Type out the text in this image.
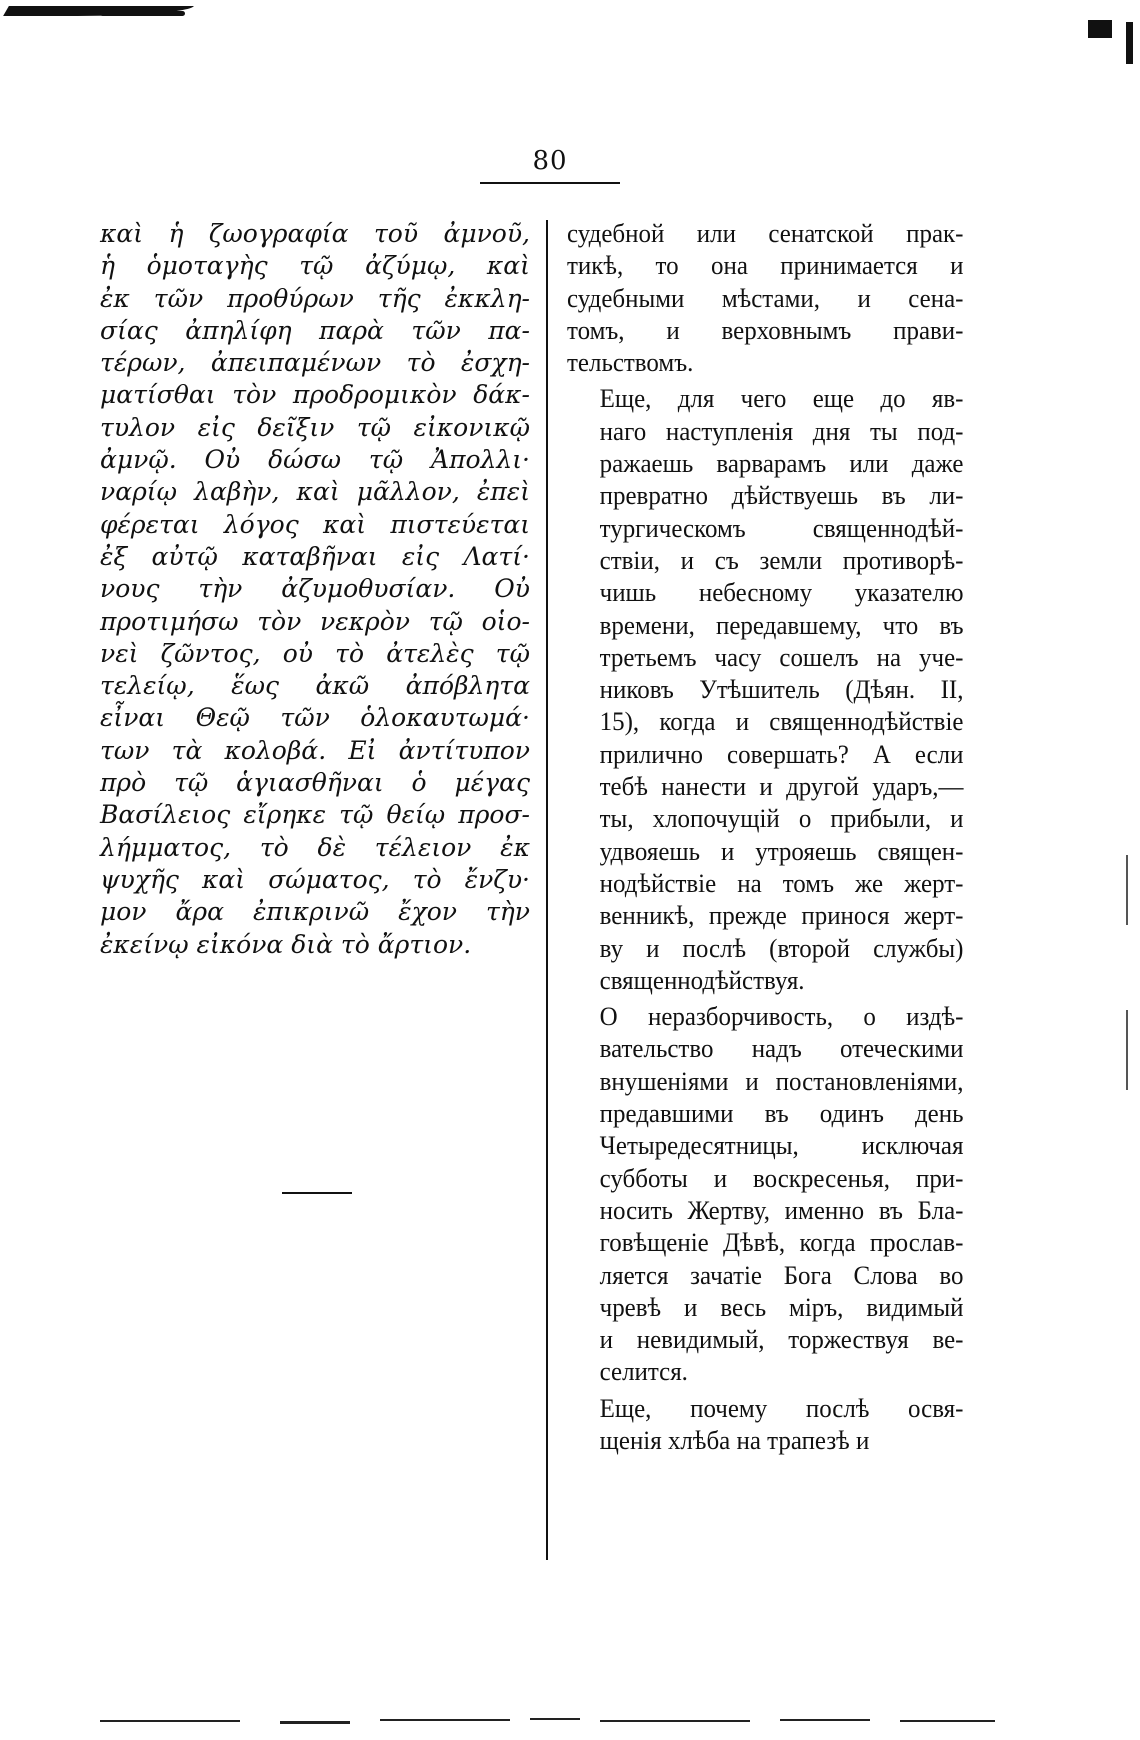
80

καὶ ἡ ζωογραφία τοῦ ἀμνοῦ,
ἡ ὁμοταγὴς τῷ ἀζύμῳ, καὶ
ἐκ τῶν προθύρων τῆς ἐκκλη-
σίας ἀπηλίφη παρὰ τῶν πα-
τέρων, ἀπειπαμένων τὸ ἐσχη-
ματίσθαι τὸν προδρομικὸν δάκ-
τυλον εἰς δεῖξιν τῷ εἰκονικῷ
ἀμνῷ. Οὐ δώσω τῷ Ἀπολλι·
ναρίῳ λαβὴν, καὶ μᾶλλον, ἐπεὶ
φέρεται λόγος καὶ πιστεύεται
ἐξ αὐτῷ καταβῆναι εἰς Λατί·
νους τὴν ἀζυμοθυσίαν. Οὐ
προτιμήσω τὸν νεκρὸν τῷ οἱο-
νεὶ ζῶντος, οὐ τὸ ἀτελὲς τῷ
τελείῳ, ἕως ἀκῶ ἀπόβλητα
εἶναι Θεῷ τῶν ὁλοκαυτωμά·
των τὰ κολοβά. Εἰ ἀντίτυπον
πρὸ τῷ ἁγιασθῆναι ὁ μέγας
Βασίλειος εἴρηκε τῷ θείῳ προσ-
λήμματος, τὸ δὲ τέλειον ἐκ
ψυχῆς καὶ σώματος, τὸ ἔνζυ·
μον ἄρα ἐπικρινῶ ἔχον τὴν
ἐκείνῳ εἰκόνα διὰ τὸ ἄρτιον.

судебной или сенатской прак-
тикѣ, то она принимается и
судебными мѣстами, и сена-
томъ, и верховнымъ прави-
тельствомъ.

Еще, для чего еще до яв-
наго наступленія дня ты под-
ражаешь варварамъ или даже
превратно дѣйствуешь въ ли-
тургическомъ священнодѣй-
ствіи, и съ земли противорѣ-
чишь небесному указателю
времени, передавшему, что въ
третьемъ часу сошелъ на уче-
никовъ Утѣшитель (Дѣян. II,
15), когда и священнодѣйствіе
прилично совершать? А если
тебѣ нанести и другой ударъ,—
ты, хлопочущій о прибыли, и
удвояешь и утрояешь священ-
нодѣйствіе на томъ же жерт-
венникѣ, прежде принося жерт-
ву и послѣ (второй службы)
священнодѣйствуя.

О неразборчивость, о издѣ-
вательство надъ отеческими
внушеніями и постановленіями,
предавшими въ одинъ день
Четыредесятницы, исключая
субботы и воскресенья, при-
носить Жертву, именно въ Бла-
говѣщеніе Дѣвѣ, когда прослав-
ляется зачатіе Бога Слова во
чревѣ и весь міръ, видимый
и невидимый, торжествуя ве-
селится.

Еще, почему послѣ освя-
щенія хлѣба на трапезѣ и
